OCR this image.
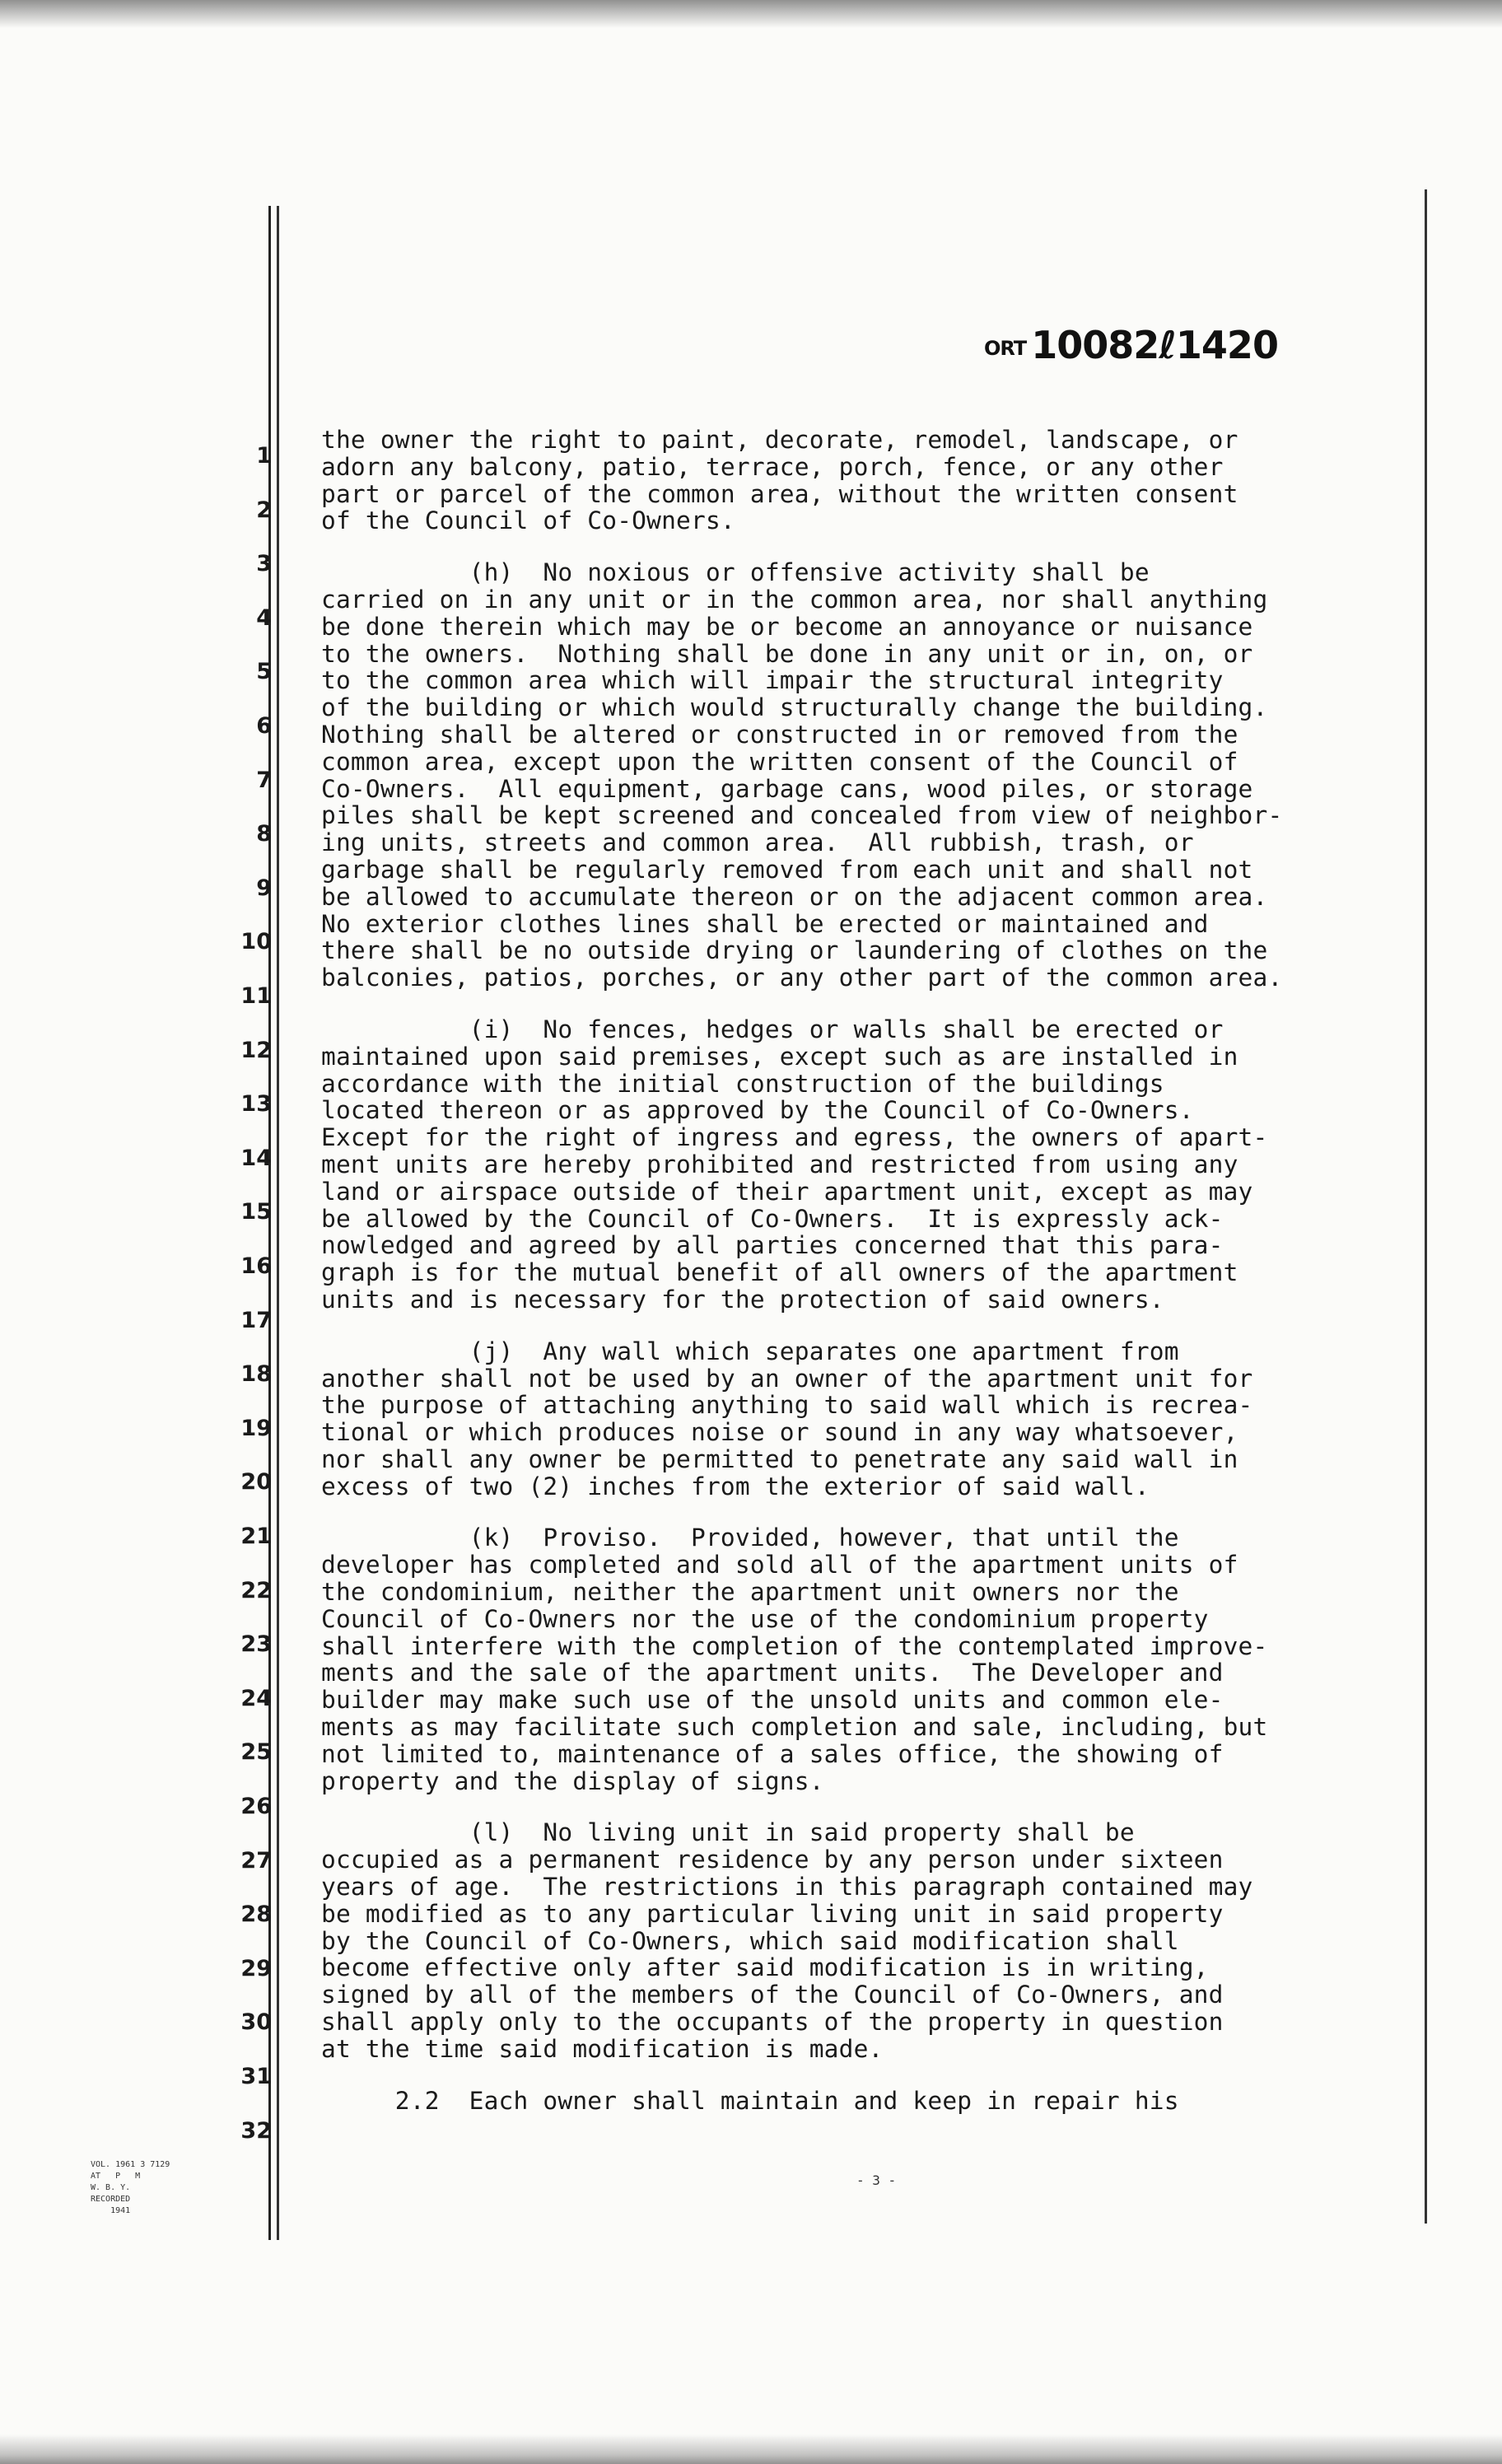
ORT 10082ℓ1420
1
2
3
4
5
6
7
8
9
10
11
12
13
14
15
16
17
18
19
20
21
22
23
24
25
26
27
28
29
30
31
32
the owner the right to paint, decorate, remodel, landscape, or
adorn any balcony, patio, terrace, porch, fence, or any other
part or parcel of the common area, without the written consent
of the Council of Co-Owners.
(h)  No noxious or offensive activity shall be
carried on in any unit or in the common area, nor shall anything
be done therein which may be or become an annoyance or nuisance
to the owners.  Nothing shall be done in any unit or in, on, or
to the common area which will impair the structural integrity
of the building or which would structurally change the building.
Nothing shall be altered or constructed in or removed from the
common area, except upon the written consent of the Council of
Co-Owners.  All equipment, garbage cans, wood piles, or storage
piles shall be kept screened and concealed from view of neighbor-
ing units, streets and common area.  All rubbish, trash, or
garbage shall be regularly removed from each unit and shall not
be allowed to accumulate thereon or on the adjacent common area.
No exterior clothes lines shall be erected or maintained and
there shall be no outside drying or laundering of clothes on the
balconies, patios, porches, or any other part of the common area.
(i)  No fences, hedges or walls shall be erected or
maintained upon said premises, except such as are installed in
accordance with the initial construction of the buildings
located thereon or as approved by the Council of Co-Owners.
Except for the right of ingress and egress, the owners of apart-
ment units are hereby prohibited and restricted from using any
land or airspace outside of their apartment unit, except as may
be allowed by the Council of Co-Owners.  It is expressly ack-
nowledged and agreed by all parties concerned that this para-
graph is for the mutual benefit of all owners of the apartment
units and is necessary for the protection of said owners.
(j)  Any wall which separates one apartment from
another shall not be used by an owner of the apartment unit for
the purpose of attaching anything to said wall which is recrea-
tional or which produces noise or sound in any way whatsoever,
nor shall any owner be permitted to penetrate any said wall in
excess of two (2) inches from the exterior of said wall.
(k)  Proviso.  Provided, however, that until the
developer has completed and sold all of the apartment units of
the condominium, neither the apartment unit owners nor the
Council of Co-Owners nor the use of the condominium property
shall interfere with the completion of the contemplated improve-
ments and the sale of the apartment units.  The Developer and
builder may make such use of the unsold units and common ele-
ments as may facilitate such completion and sale, including, but
not limited to, maintenance of a sales office, the showing of
property and the display of signs.
(l)  No living unit in said property shall be
occupied as a permanent residence by any person under sixteen
years of age.  The restrictions in this paragraph contained may
be modified as to any particular living unit in said property
by the Council of Co-Owners, which said modification shall
become effective only after said modification is in writing,
signed by all of the members of the Council of Co-Owners, and
shall apply only to the occupants of the property in question
at the time said modification is made.
2.2  Each owner shall maintain and keep in repair his
VOL. 1961 3 7129
AT   P   M
W. B. Y.
RECORDED
1941
- 3 -
